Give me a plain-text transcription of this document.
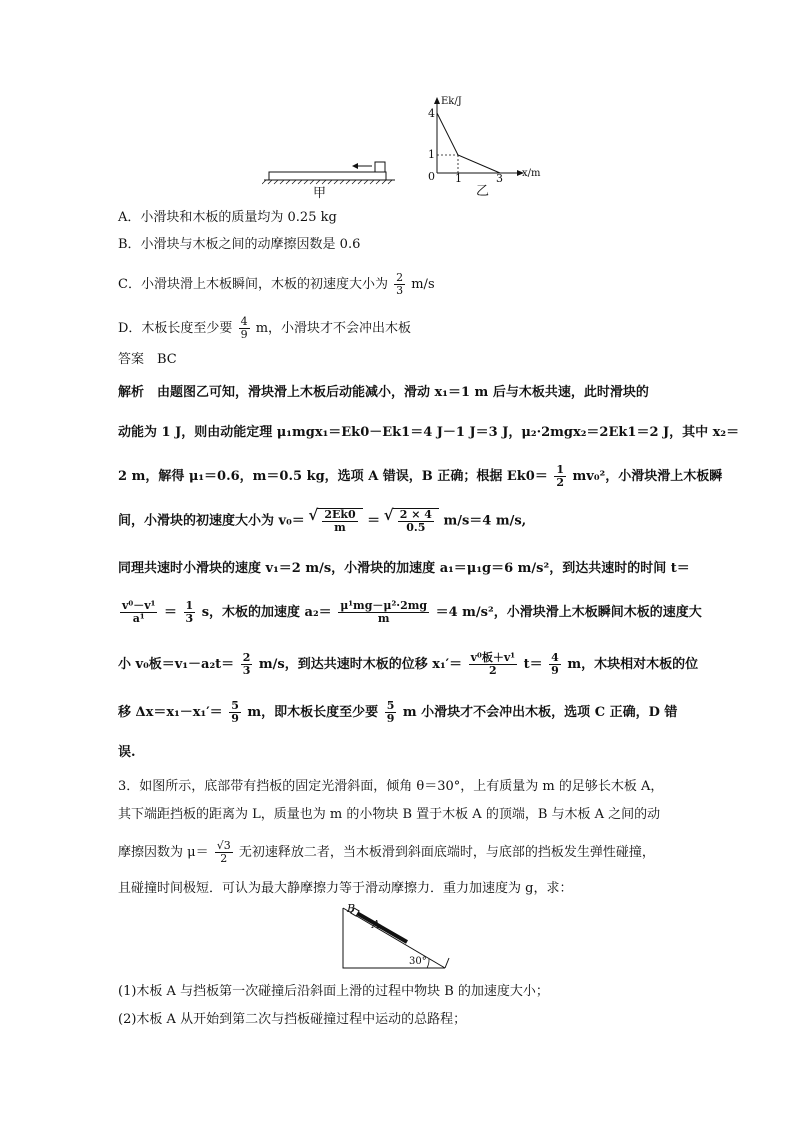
甲
Ek/J
x/m
4
1
0 1	3
乙
A．小滑块和木板的质量均为 0.25 kg
B．小滑块与木板之间的动摩擦因数是 0.6
C．小滑块滑上木板瞬间，木板的初速度大小为 $\frac{2}{3} m/s$
D．木板长度至少要 $\frac{4}{9}$ m，小滑块才不会冲出木板
答案　BC
解析　由题图乙可知，滑块滑上木板后动能减小，滑动 x₁＝1 m 后与木板共速，此时滑块的
动能为 1 J，则由动能定理 μ₁mgx₁＝Ek0－Ek1＝4 J－1 J＝3 J，μ₂·2mgx₂＝2Ek1＝2 J，其中 x₂＝
2 m，解得 μ₁＝0.6，m＝0.5 kg，选项 A 错误，B 正确；根据 $Ek0= \frac{1}{2} mv_0^2$，小滑块滑上木板瞬
间，小滑块的初速度大小为 v₀＝ √ $\frac{2Ek0}{m}$ ＝ √ $\frac{2 \times 4}{0.5} m/s=4$ m/s,
同理共速时小滑块的速度 v₁＝2 m/s，小滑块的加速度 a₁＝μ₁g＝6 m/s²，到达共速时的时间 t＝
$\frac{\text{v⁰－v¹}}{\text{a¹}} = \frac{1}{3}$ s，木板的加速度 $a_2= \frac{\text{μ¹mg－μ²·2mg}}{m} =4$ m/s²，小滑块滑上木板瞬间木板的速度大
小 v₀板$=v_1-a_2t= \frac{2}{3} m/s$，到达共速时木板的位移 $x_1'= \frac{\text{v⁰板＋v¹}}{2} t= \frac{4}{9}$ m，木块相对木板的位
移 $\Delta x=x_1-x_1'= \frac{5}{9}$ m，即木板长度至少要 $\frac{5}{9}$ m 小滑块才不会冲出木板，选项 C 正确，D 错
误.
3．如图所示，底部带有挡板的固定光滑斜面，倾角 θ＝30°，上有质量为 m 的足够长木板 A，
其下端距挡板的距离为 L，质量也为 m 的小物块 B 置于木板 A 的顶端，B 与木板 A 之间的动
摩擦因数为 $\mu= \frac{√3}{2}$ 无初速释放二者，当木板滑到斜面底端时，与底部的挡板发生弹性碰撞，
且碰撞时间极短．可认为最大静摩擦力等于滑动摩擦力．重力加速度为 g，求：
B
A
30°
(1)木板 A 与挡板第一次碰撞后沿斜面上滑的过程中物块 B 的加速度大小；
(2)木板 A 从开始到第二次与挡板碰撞过程中运动的总路程；
